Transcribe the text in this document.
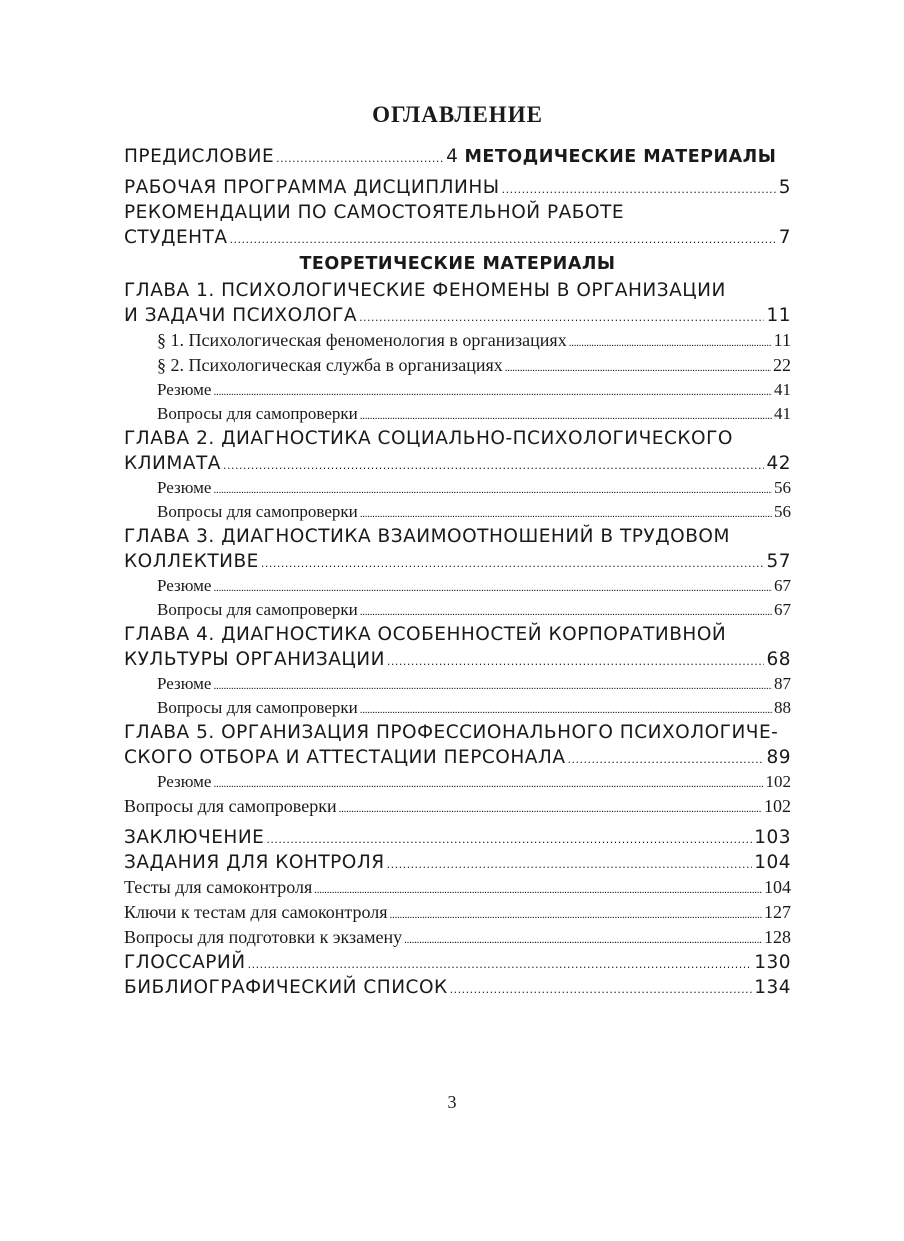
ОГЛАВЛЕНИЕ
ПРЕДИСЛОВИЕ . . .	4 МЕТОДИЧЕСКИЕ МАТЕРИАЛЫ
РАБОЧАЯ ПРОГРАММА ДИСЦИПЛИНЫ . . .	5
РЕКОМЕНДАЦИИ ПО САМОСТОЯТЕЛЬНОЙ РАБОТЕ
СТУДЕНТА . . .	7
ТЕОРЕТИЧЕСКИЕ МАТЕРИАЛЫ
ГЛАВА 1. ПСИХОЛОГИЧЕСКИЕ ФЕНОМЕНЫ В ОРГАНИЗАЦИИ
И ЗАДАЧИ ПСИХОЛОГА . . .	11
§ 1. Психологическая феноменология в организациях . . .	11
§ 2. Психологическая служба в организациях . . .	22
Резюме . . .	41
Вопросы для самопроверки . . .	41
ГЛАВА 2. ДИАГНОСТИКА СОЦИАЛЬНО-ПСИХОЛОГИЧЕСКОГО
КЛИМАТА . . .	42
Резюме . . .	56
Вопросы для самопроверки . . .	56
ГЛАВА 3. ДИАГНОСТИКА ВЗАИМООТНОШЕНИЙ В ТРУДОВОМ
КОЛЛЕКТИВЕ . . .	57
Резюме . . .	67
Вопросы для самопроверки . . .	67
ГЛАВА 4. ДИАГНОСТИКА ОСОБЕННОСТЕЙ КОРПОРАТИВНОЙ
КУЛЬТУРЫ ОРГАНИЗАЦИИ . . .	68
Резюме . . .	87
Вопросы для самопроверки . . .	88
ГЛАВА 5. ОРГАНИЗАЦИЯ ПРОФЕССИОНАЛЬНОГО ПСИХОЛОГИЧЕ-
СКОГО ОТБОРА И АТТЕСТАЦИИ ПЕРСОНАЛА . . .	89
Резюме . . .	102
Вопросы для самопроверки . . .	102
ЗАКЛЮЧЕНИЕ . . .	103
ЗАДАНИЯ ДЛЯ КОНТРОЛЯ . . .	104
Тесты для самоконтроля . . .	104
Ключи к тестам для самоконтроля . . .	127
Вопросы для подготовки к экзамену . . .	128
ГЛОССАРИЙ . . .	130
БИБЛИОГРАФИЧЕСКИЙ СПИСОК . . .	134
3
